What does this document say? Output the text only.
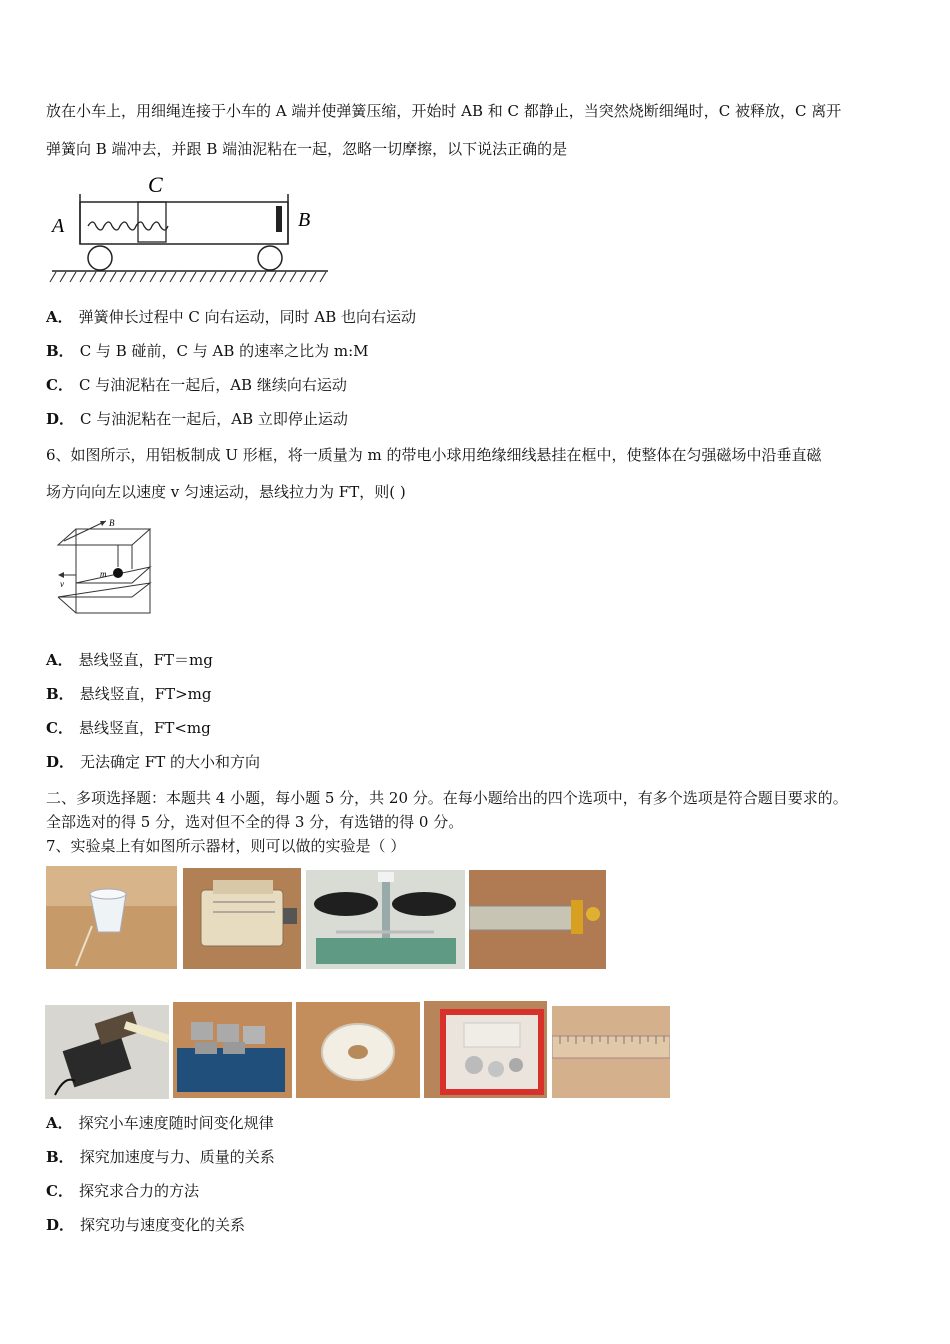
放在小车上，用细绳连接于小车的 A 端并使弹簧压缩，开始时 AB 和 C 都静止，当突然烧断细绳时，C 被释放，C 离开
弹簧向 B 端冲去，并跟 B 端油泥粘在一起，忽略一切摩擦，以下说法正确的是
A
C
B
A． 弹簧伸长过程中 C 向右运动，同时 AB 也向右运动
B． C 与 B 碰前，C 与 AB 的速率之比为 m:M
C． C 与油泥粘在一起后，AB 继续向右运动
D． C 与油泥粘在一起后，AB 立即停止运动
6、如图所示，用铝板制成 U 形框，将一质量为 m 的带电小球用绝缘细线悬挂在框中，使整体在匀强磁场中沿垂直磁
场方向向左以速度 v 匀速运动，悬线拉力为 FT，则( )
B
m
v
A． 悬线竖直，FT＝mg
B． 悬线竖直，FT>mg
C． 悬线竖直，FT<mg
D． 无法确定 FT 的大小和方向
二、多项选择题：本题共 4 小题，每小题 5 分，共 20 分。在每小题给出的四个选项中，有多个选项是符合题目要求的。
全部选对的得 5 分，选对但不全的得 3 分，有选错的得 0 分。
7、实验桌上有如图所示器材，则可以做的实验是（ ）
A． 探究小车速度随时间变化规律
B． 探究加速度与力、质量的关系
C． 探究求合力的方法
D． 探究功与速度变化的关系
